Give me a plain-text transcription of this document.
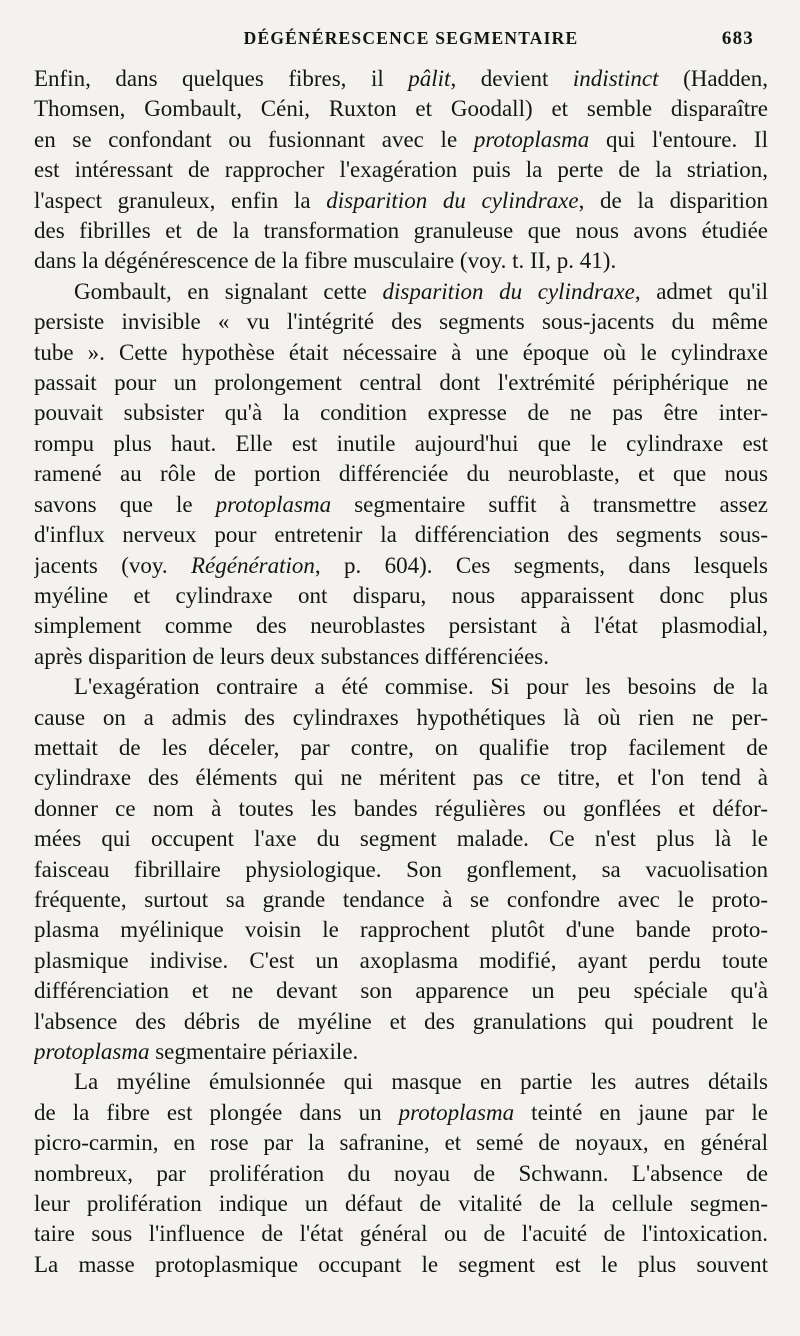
DÉGÉNÉRESCENCE SEGMENTAIRE	683
Enfin, dans quelques fibres, il pâlit, devient indistinct (Hadden,
Thomsen, Gombault, Céni, Ruxton et Goodall) et semble disparaître
en se confondant ou fusionnant avec le protoplasma qui l'entoure. Il
est intéressant de rapprocher l'exagération puis la perte de la striation,
l'aspect granuleux, enfin la disparition du cylindraxe, de la disparition
des fibrilles et de la transformation granuleuse que nous avons étudiée
dans la dégénérescence de la fibre musculaire (voy. t. II, p. 41).
Gombault, en signalant cette disparition du cylindraxe, admet qu'il
persiste invisible « vu l'intégrité des segments sous-jacents du même
tube ». Cette hypothèse était nécessaire à une époque où le cylindraxe
passait pour un prolongement central dont l'extrémité périphérique ne
pouvait subsister qu'à la condition expresse de ne pas être inter-
rompu plus haut. Elle est inutile aujourd'hui que le cylindraxe est
ramené au rôle de portion différenciée du neuroblaste, et que nous
savons que le protoplasma segmentaire suffit à transmettre assez
d'influx nerveux pour entretenir la différenciation des segments sous-
jacents (voy. Régénération, p. 604). Ces segments, dans lesquels
myéline et cylindraxe ont disparu, nous apparaissent donc plus
simplement comme des neuroblastes persistant à l'état plasmodial,
après disparition de leurs deux substances différenciées.
L'exagération contraire a été commise. Si pour les besoins de la
cause on a admis des cylindraxes hypothétiques là où rien ne per-
mettait de les déceler, par contre, on qualifie trop facilement de
cylindraxe des éléments qui ne méritent pas ce titre, et l'on tend à
donner ce nom à toutes les bandes régulières ou gonflées et défor-
mées qui occupent l'axe du segment malade. Ce n'est plus là le
faisceau fibrillaire physiologique. Son gonflement, sa vacuolisation
fréquente, surtout sa grande tendance à se confondre avec le proto-
plasma myélinique voisin le rapprochent plutôt d'une bande proto-
plasmique indivise. C'est un axoplasma modifié, ayant perdu toute
différenciation et ne devant son apparence un peu spéciale qu'à
l'absence des débris de myéline et des granulations qui poudrent le
protoplasma segmentaire périaxile.
La myéline émulsionnée qui masque en partie les autres détails
de la fibre est plongée dans un protoplasma teinté en jaune par le
picro-carmin, en rose par la safranine, et semé de noyaux, en général
nombreux, par prolifération du noyau de Schwann. L'absence de
leur prolifération indique un défaut de vitalité de la cellule segmen-
taire sous l'influence de l'état général ou de l'acuité de l'intoxication.
La masse protoplasmique occupant le segment est le plus souvent
